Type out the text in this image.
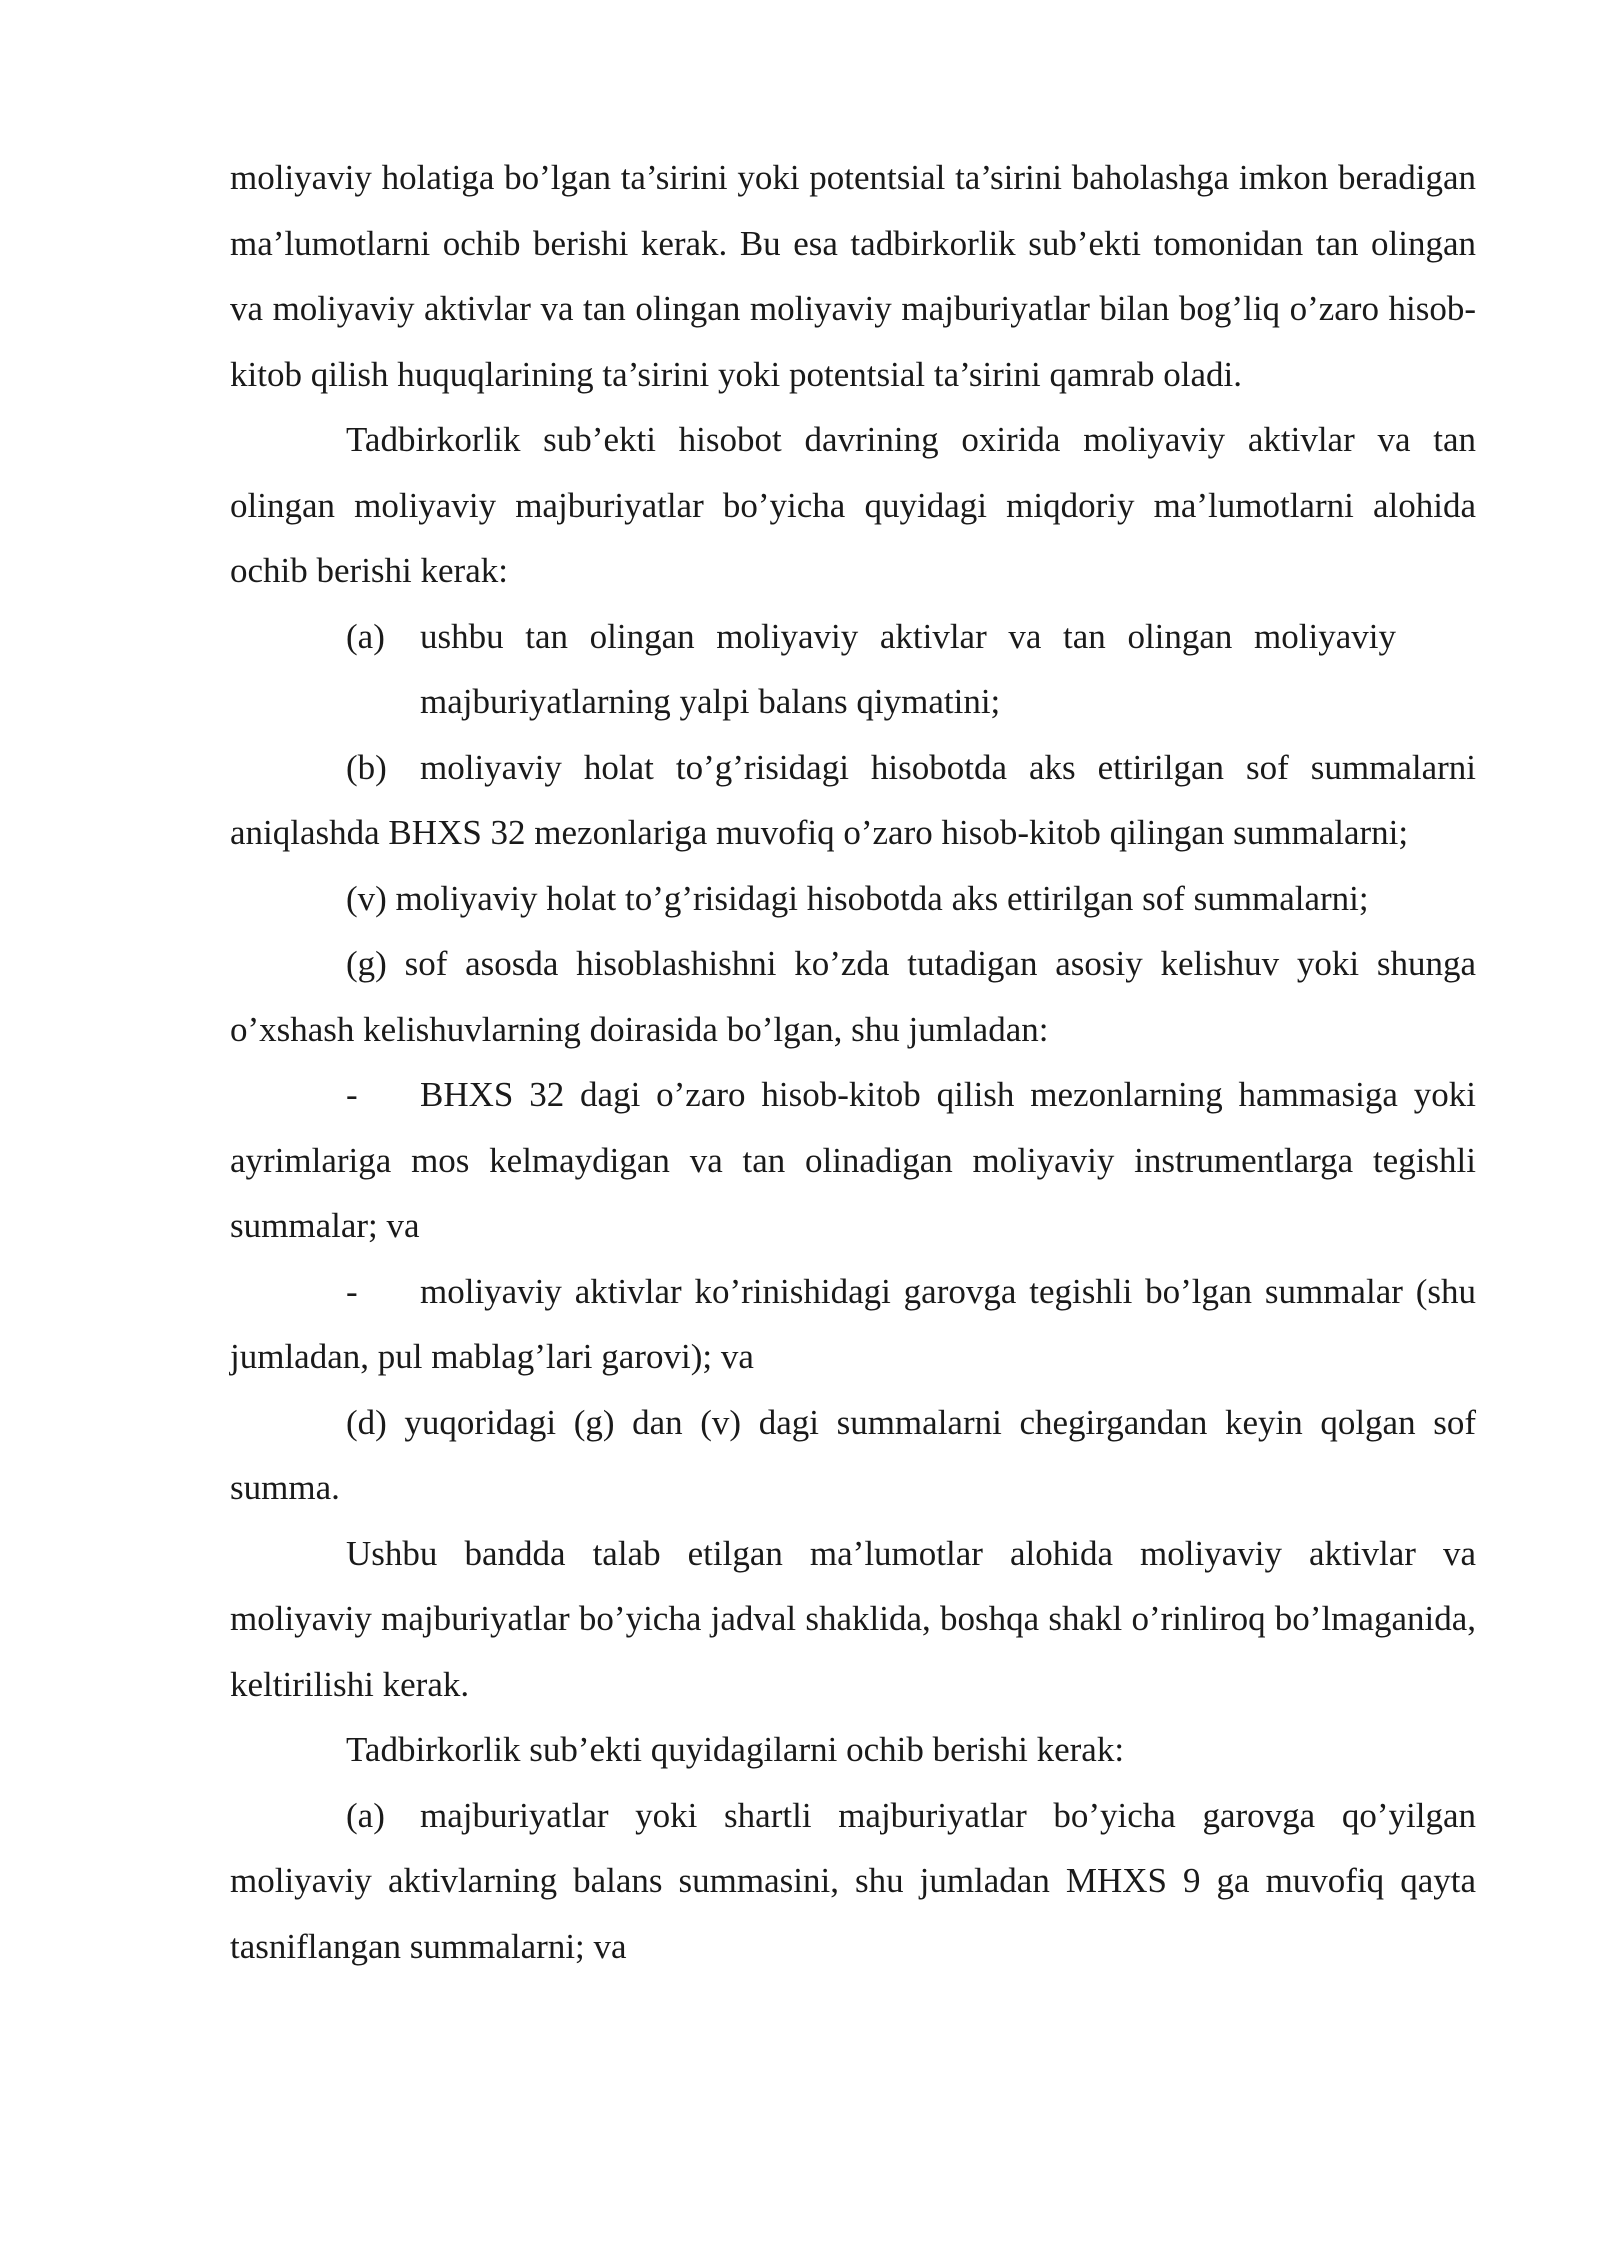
moliyaviy holatiga bo’lgan ta’sirini yoki potentsial ta’sirini baholashga imkon beradigan ma’lumotlarni ochib berishi kerak. Bu esa tadbirkorlik sub’ekti tomonidan tan olingan va moliyaviy aktivlar va tan olingan moliyaviy majburiyatlar bilan bog’liq o’zaro hisob-kitob qilish huquqlarining ta’sirini yoki potentsial ta’sirini qamrab oladi.

Tadbirkorlik sub’ekti hisobot davrining oxirida moliyaviy aktivlar va tan olingan moliyaviy majburiyatlar bo’yicha quyidagi miqdoriy ma’lumotlarni alohida ochib berishi kerak:

(a) ushbu tan olingan moliyaviy aktivlar va tan olingan moliyaviy majburiyatlarning yalpi balans qiymatini;

(b) moliyaviy holat to’g’risidagi hisobotda aks ettirilgan sof summalarni aniqlashda BHXS 32 mezonlariga muvofiq o’zaro hisob-kitob qilingan summalarni;

(v) moliyaviy holat to’g’risidagi hisobotda aks ettirilgan sof summalarni;

(g) sof asosda hisoblashishni ko’zda tutadigan asosiy kelishuv yoki shunga o’xshash kelishuvlarning doirasida bo’lgan, shu jumladan:

- BHXS 32 dagi o’zaro hisob-kitob qilish mezonlarning hammasiga yoki ayrimlariga mos kelmaydigan va tan olinadigan moliyaviy instrumentlarga tegishli summalar; va

- moliyaviy aktivlar ko’rinishidagi garovga tegishli bo’lgan summalar (shu jumladan, pul mablag’lari garovi); va

(d) yuqoridagi (g) dan (v) dagi summalarni chegirgandan keyin qolgan sof summa.

Ushbu bandda talab etilgan ma’lumotlar alohida moliyaviy aktivlar va moliyaviy majburiyatlar bo’yicha jadval shaklida, boshqa shakl o’rinliroq bo’lmaganida, keltirilishi kerak.

Tadbirkorlik sub’ekti quyidagilarni ochib berishi kerak:

(a) majburiyatlar yoki shartli majburiyatlar bo’yicha garovga qo’yilgan moliyaviy aktivlarning balans summasini, shu jumladan MHXS 9 ga muvofiq qayta tasniflangan summalarni; va
